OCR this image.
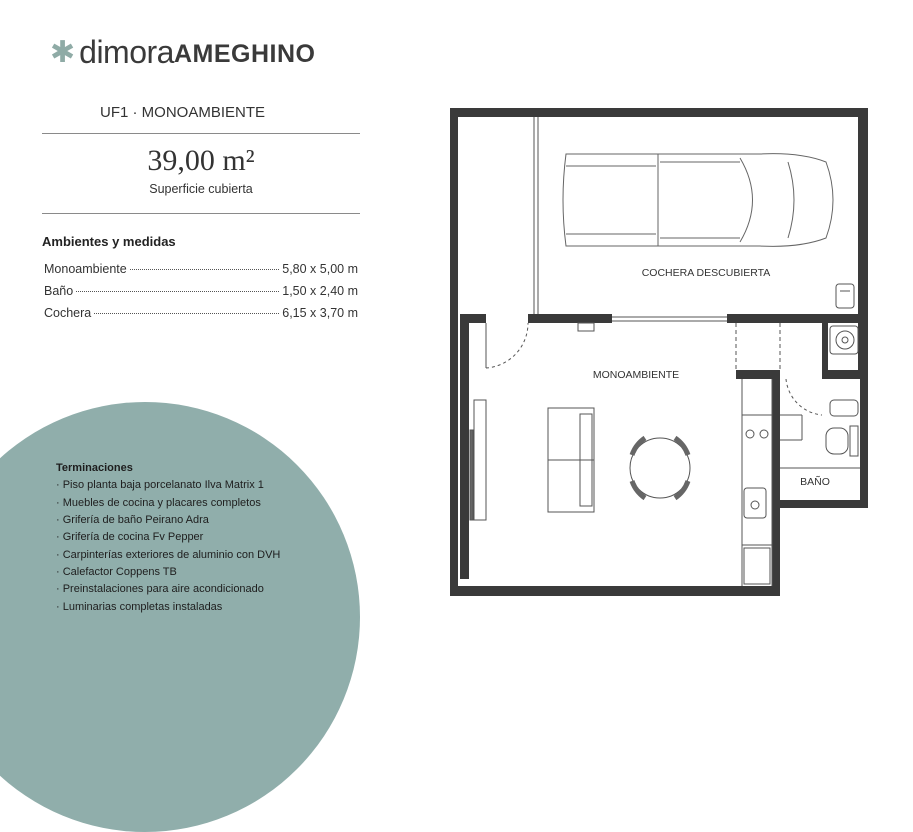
✱ dimora AMEGHINO
UF1 · MONOAMBIENTE
39,00 m²
Superficie cubierta
Ambientes y medidas
Monoambiente	5,80 x 5,00 m
Baño	1,50 x 2,40 m
Cochera	6,15 x 3,70 m
Terminaciones
· Piso planta baja porcelanato Ilva Matrix 1
· Muebles de cocina y placares completos
· Grifería de baño Peirano Adra
· Grifería de cocina Fv Pepper
· Carpinterías exteriores de aluminio con DVH
· Calefactor Coppens TB
· Preinstalaciones para aire acondicionado
· Luminarias completas instaladas
COCHERA DESCUBIERTA
MONOAMBIENTE
BAÑO
